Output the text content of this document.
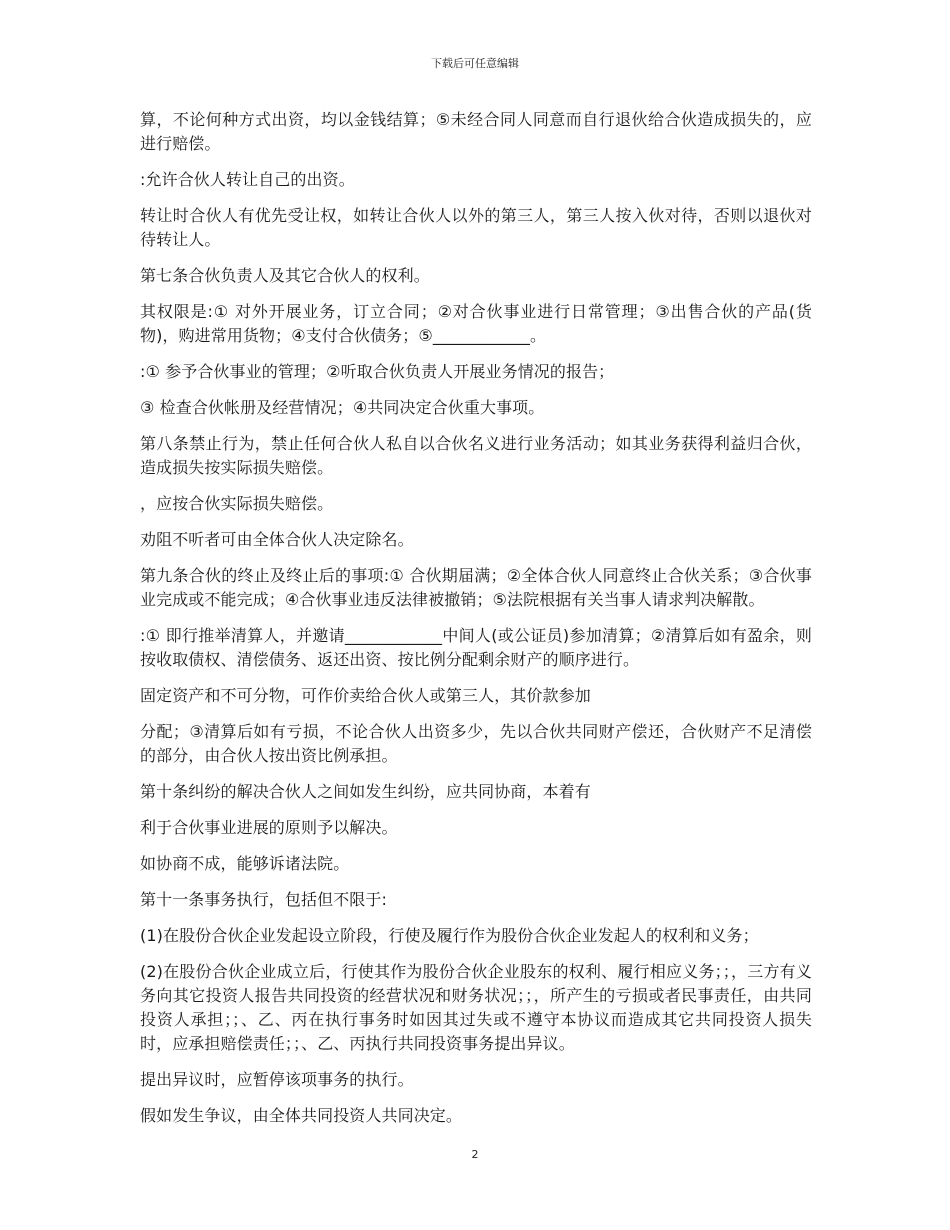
下载后可任意编辑

算，不论何种方式出资，均以金钱结算；⑤未经合同人同意而自行退伙给合伙造成损失的，应进行赔偿。

:允许合伙人转让自己的出资。

转让时合伙人有优先受让权，如转让合伙人以外的第三人，第三人按入伙对待，否则以退伙对待转让人。

第七条合伙负责人及其它合伙人的权利。

其权限是:① 对外开展业务，订立合同；②对合伙事业进行日常管理；③出售合伙的产品(货物)，购进常用货物；④支付合伙债务；⑤____________。

:① 参予合伙事业的管理；②听取合伙负责人开展业务情况的报告；

③ 检查合伙帐册及经营情况；④共同决定合伙重大事项。

第八条禁止行为，禁止任何合伙人私自以合伙名义进行业务活动；如其业务获得利益归合伙，造成损失按实际损失赔偿。

，应按合伙实际损失赔偿。

劝阻不听者可由全体合伙人决定除名。

第九条合伙的终止及终止后的事项:① 合伙期届满；②全体合伙人同意终止合伙关系；③合伙事业完成或不能完成；④合伙事业违反法律被撤销；⑤法院根据有关当事人请求判决解散。

:① 即行推举清算人，并邀请____________中间人(或公证员)参加清算；②清算后如有盈余，则按收取债权、清偿债务、返还出资、按比例分配剩余财产的顺序进行。

固定资产和不可分物，可作价卖给合伙人或第三人，其价款参加

分配；③清算后如有亏损，不论合伙人出资多少，先以合伙共同财产偿还，合伙财产不足清偿的部分，由合伙人按出资比例承担。

第十条纠纷的解决合伙人之间如发生纠纷，应共同协商，本着有

利于合伙事业进展的原则予以解决。

如协商不成，能够诉诸法院。

第十一条事务执行，包括但不限于:

(1)在股份合伙企业发起设立阶段，行使及履行作为股份合伙企业发起人的权利和义务；

(2)在股份合伙企业成立后，行使其作为股份合伙企业股东的权利、履行相应义务；；，三方有义务向其它投资人报告共同投资的经营状况和财务状况；；，所产生的亏损或者民事责任，由共同投资人承担；；、乙、丙在执行事务时如因其过失或不遵守本协议而造成其它共同投资人损失时，应承担赔偿责任；；、乙、丙执行共同投资事务提出异议。

提出异议时，应暂停该项事务的执行。

假如发生争议，由全体共同投资人共同决定。

2
